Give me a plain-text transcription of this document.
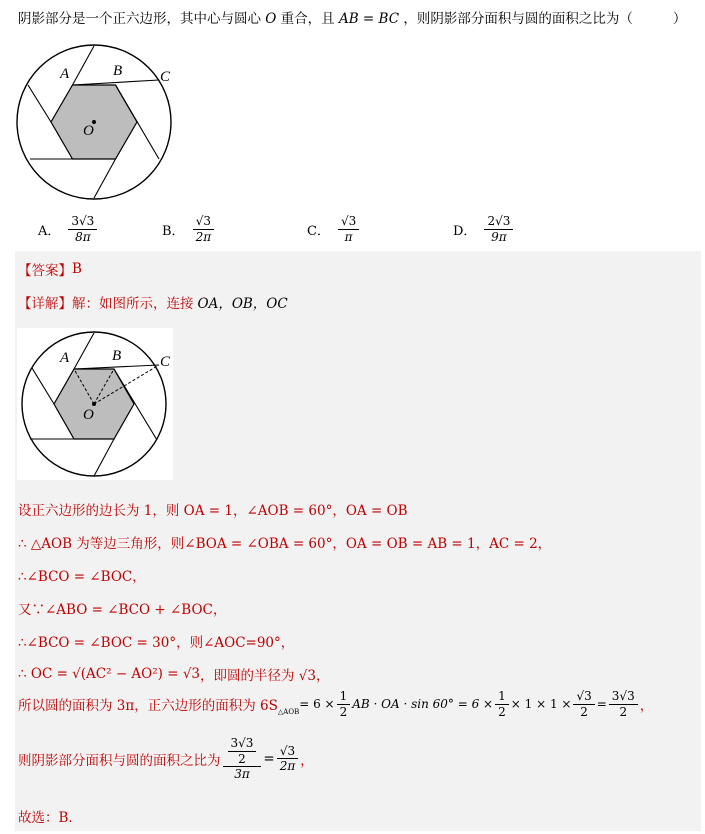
阴影部分是一个正六边形，其中心与圆心 O 重合，且 AB = BC ，则阴影部分面积与圆的面积之比为（	）
A	B	C
O
A． $\frac{3√3}{8\pi}$	B． $\frac{√3}{2\pi}$	C． $\frac{√3}{\pi}$	D． $\frac{2√3}{9\pi}$
【答案】 B
【详解】 解：如图所示，连接 OA，OB，OC
A	B	C
O
设正六边形的边长为 1，则 OA = 1，∠AOB = 60°，OA = OB
∴ △AOB 为等边三角形，则∠BOA = ∠OBA = 60°，OA = OB = AB = 1，AC = 2，
∴∠BCO = ∠BOC，
又∵∠ABO = ∠BCO + ∠BOC，
∴∠BCO = ∠BOC = 30°，则∠AOC=90°，
∴ OC = √(AC² − AO²) = √3 ，即圆的半径为 √3，
所以圆的面积为 3π，正六边形的面积为 6S △AOB
= $6 \times \frac{1}{2}$ AB · OA · $\sin 60^\circ = 6 \times \frac{1}{2} \times 1 \times 1 \times \frac{√3}{2} = \frac{3√3}{2}$ ，
则阴影部分面积与圆的面积之比为 $\frac{\frac{3√3}{2}}{3\pi} = \frac{√3}{2\pi}$ ，
故选：B．
